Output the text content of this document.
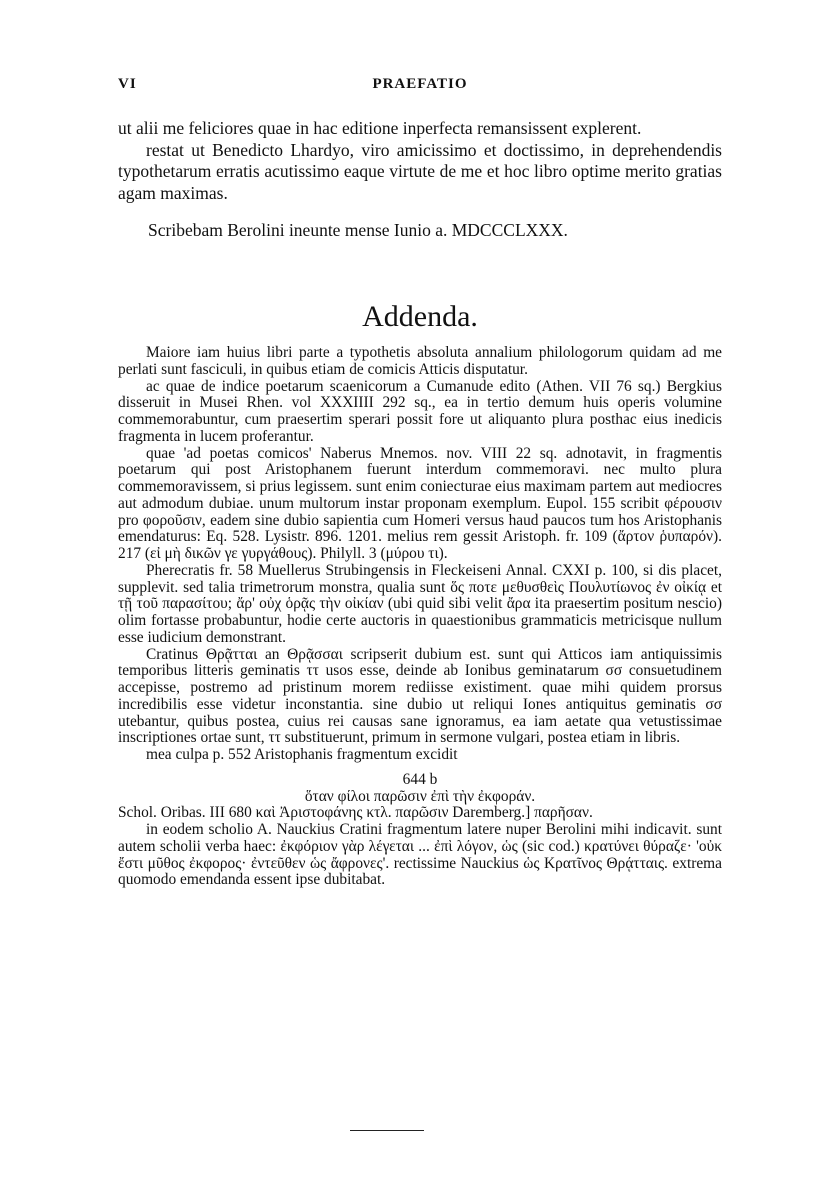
VI	PRAEFATIO

ut alii me feliciores quae in hac editione inperfecta remansissent explerent.

restat ut Benedicto Lhardyo, viro amicissimo et doctissimo, in deprehendendis typothetarum erratis acutissimo eaque virtute de me et hoc libro optime merito gratias agam maximas.

Scribebam Berolini ineunte mense Iunio a. MDCCCLXXX.

Addenda.

Maiore iam huius libri parte a typothetis absoluta annalium philologorum quidam ad me perlati sunt fasciculi, in quibus etiam de comicis Atticis disputatur.

ac quae de indice poetarum scaenicorum a Cumanude edito (Athen. VII 76 sq.) Bergkius disseruit in Musei Rhen. vol XXXIIII 292 sq., ea in tertio demum huis operis volumine commemorabuntur, cum praesertim sperari possit fore ut aliquanto plura posthac eius inedicis fragmenta in lucem proferantur.

quae 'ad poetas comicos' Naberus Mnemos. nov. VIII 22 sq. adnotavit, in fragmentis poetarum qui post Aristophanem fuerunt interdum commemoravi. nec multo plura commemoravissem, si prius legissem. sunt enim coniecturae eius maximam partem aut mediocres aut admodum dubiae. unum multorum instar proponam exemplum. Eupol. 155 scribit φέρουσιν pro φοροῦσιν, eadem sine dubio sapientia cum Homeri versus haud paucos tum hos Aristophanis emendaturus: Eq. 528. Lysistr. 896. 1201. melius rem gessit Aristoph. fr. 109 (ἄρτον ῥυπαρόν). 217 (εἰ μὴ δικῶν γε γυργάθους). Philyll. 3 (μύρου τι).

Pherecratis fr. 58 Muellerus Strubingensis in Fleckeiseni Annal. CXXI p. 100, si dis placet, supplevit. sed talia trimetrorum monstra, qualia sunt ὅς ποτε μεθυσθεὶς Πουλυτίωνος ἐν οἰκίᾳ et τῇ τοῦ παρασίτου; ἄρ' οὐχ ὁρᾷς τὴν οἰκίαν (ubi quid sibi velit ἄρα ita praesertim positum nescio) olim fortasse probabuntur, hodie certe auctoris in quaestionibus grammaticis metricisque nullum esse iudicium demonstrant.

Cratinus Θρᾷτται an Θρᾷσσαι scripserit dubium est. sunt qui Atticos iam antiquissimis temporibus litteris geminatis ττ usos esse, deinde ab Ionibus geminatarum σσ consuetudinem accepisse, postremo ad pristinum morem rediisse existiment. quae mihi quidem prorsus incredibilis esse videtur inconstantia. sine dubio ut reliqui Iones antiquitus geminatis σσ utebantur, quibus postea, cuius rei causas sane ignoramus, ea iam aetate qua vetustissimae inscriptiones ortae sunt, ττ substituerunt, primum in sermone vulgari, postea etiam in libris.

mea culpa p. 552 Aristophanis fragmentum excidit

644 b

ὅταν φίλοι παρῶσιν ἐπὶ τὴν ἐκφοράν.

Schol. Oribas. III 680 καὶ Ἀριστοφάνης κτλ. παρῶσιν Daremberg.] παρῆσαν.

in eodem scholio A. Nauckius Cratini fragmentum latere nuper Berolini mihi indicavit. sunt autem scholii verba haec: ἐκφόριον γὰρ λέγεται ... ἐπὶ λόγον, ὡς (sic cod.) κρατύνει θύραζε· 'οὐκ ἔστι μῦθος ἐκφορος· ἐντεῦθεν ὡς ἄφρονες'. rectissime Nauckius ὡς Κρατῖνος Θρᾴτταις. extrema quomodo emendanda essent ipse dubitabat.
